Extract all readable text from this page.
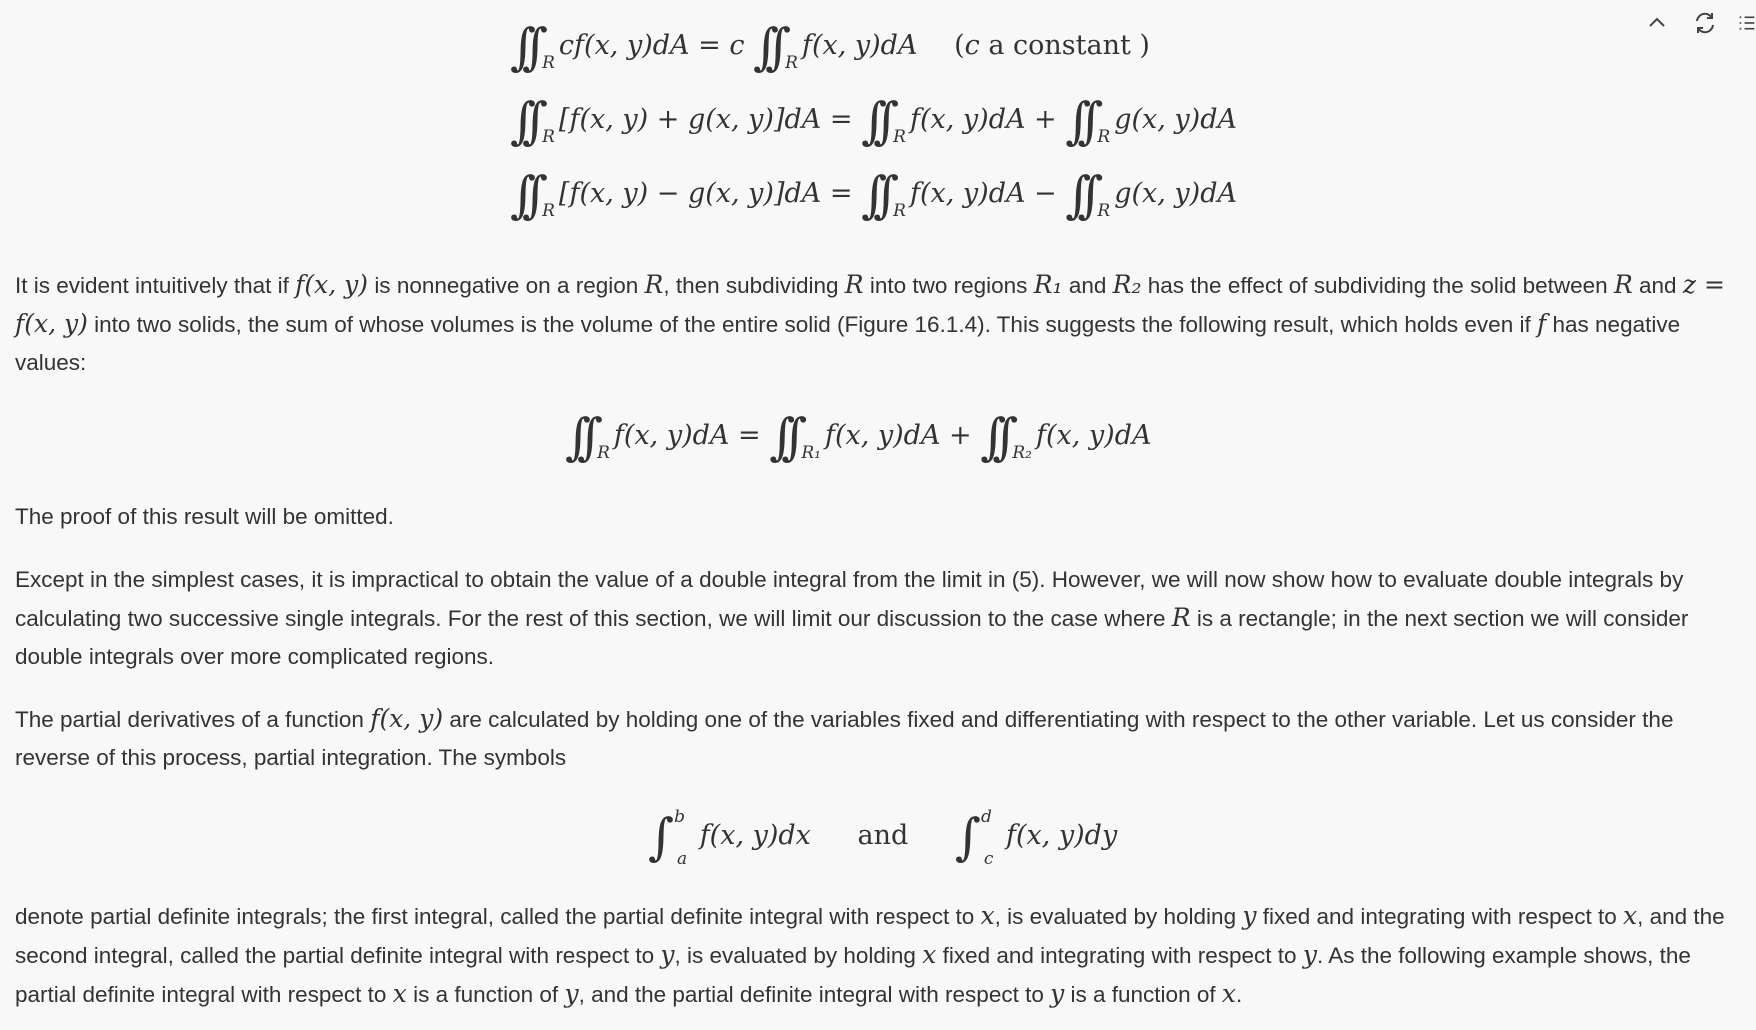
∫∫ $_R$cf(x, y)dA = c ∫∫ $_R$f(x, y)dA (c a constant )
∫∫ $_R$[f(x, y) + g(x, y)]dA = ∫∫ $_R$f(x, y)dA + ∫∫ $_R$g(x, y)dA
∫∫ $_R$[f(x, y) − g(x, y)]dA = ∫∫ $_R$f(x, y)dA − ∫∫ $_R$g(x, y)dA
It is evident intuitively that if f(x, y) is nonnegative on a region R, then subdividing R into two regions R₁ and R₂ has the effect of subdividing the solid between R and z = f(x, y) into two solids, the sum of whose volumes is the volume of the entire solid (Figure 16.1.4). This suggests the following result, which holds even if f has negative values:
∫∫ $_R$f(x, y)dA = ∫∫ $_{R_1}$f(x, y)dA + ∫∫ $_{R_2}$f(x, y)dA
The proof of this result will be omitted.
Except in the simplest cases, it is impractical to obtain the value of a double integral from the limit in (5). However, we will now show how to evaluate double integrals by calculating two successive single integrals. For the rest of this section, we will limit our discussion to the case where R is a rectangle; in the next section we will consider double integrals over more complicated regions.
The partial derivatives of a function f(x, y) are calculated by holding one of the variables fixed and differentiating with respect to the other variable. Let us consider the reverse of this process, partial integration. The symbols
∫$^b_a$ f(x, y)dx and ∫$^d_c$ f(x, y)dy
denote partial definite integrals; the first integral, called the partial definite integral with respect to x, is evaluated by holding y fixed and integrating with respect to x, and the second integral, called the partial definite integral with respect to y, is evaluated by holding x fixed and integrating with respect to y. As the following example shows, the partial definite integral with respect to x is a function of y, and the partial definite integral with respect to y is a function of x.
